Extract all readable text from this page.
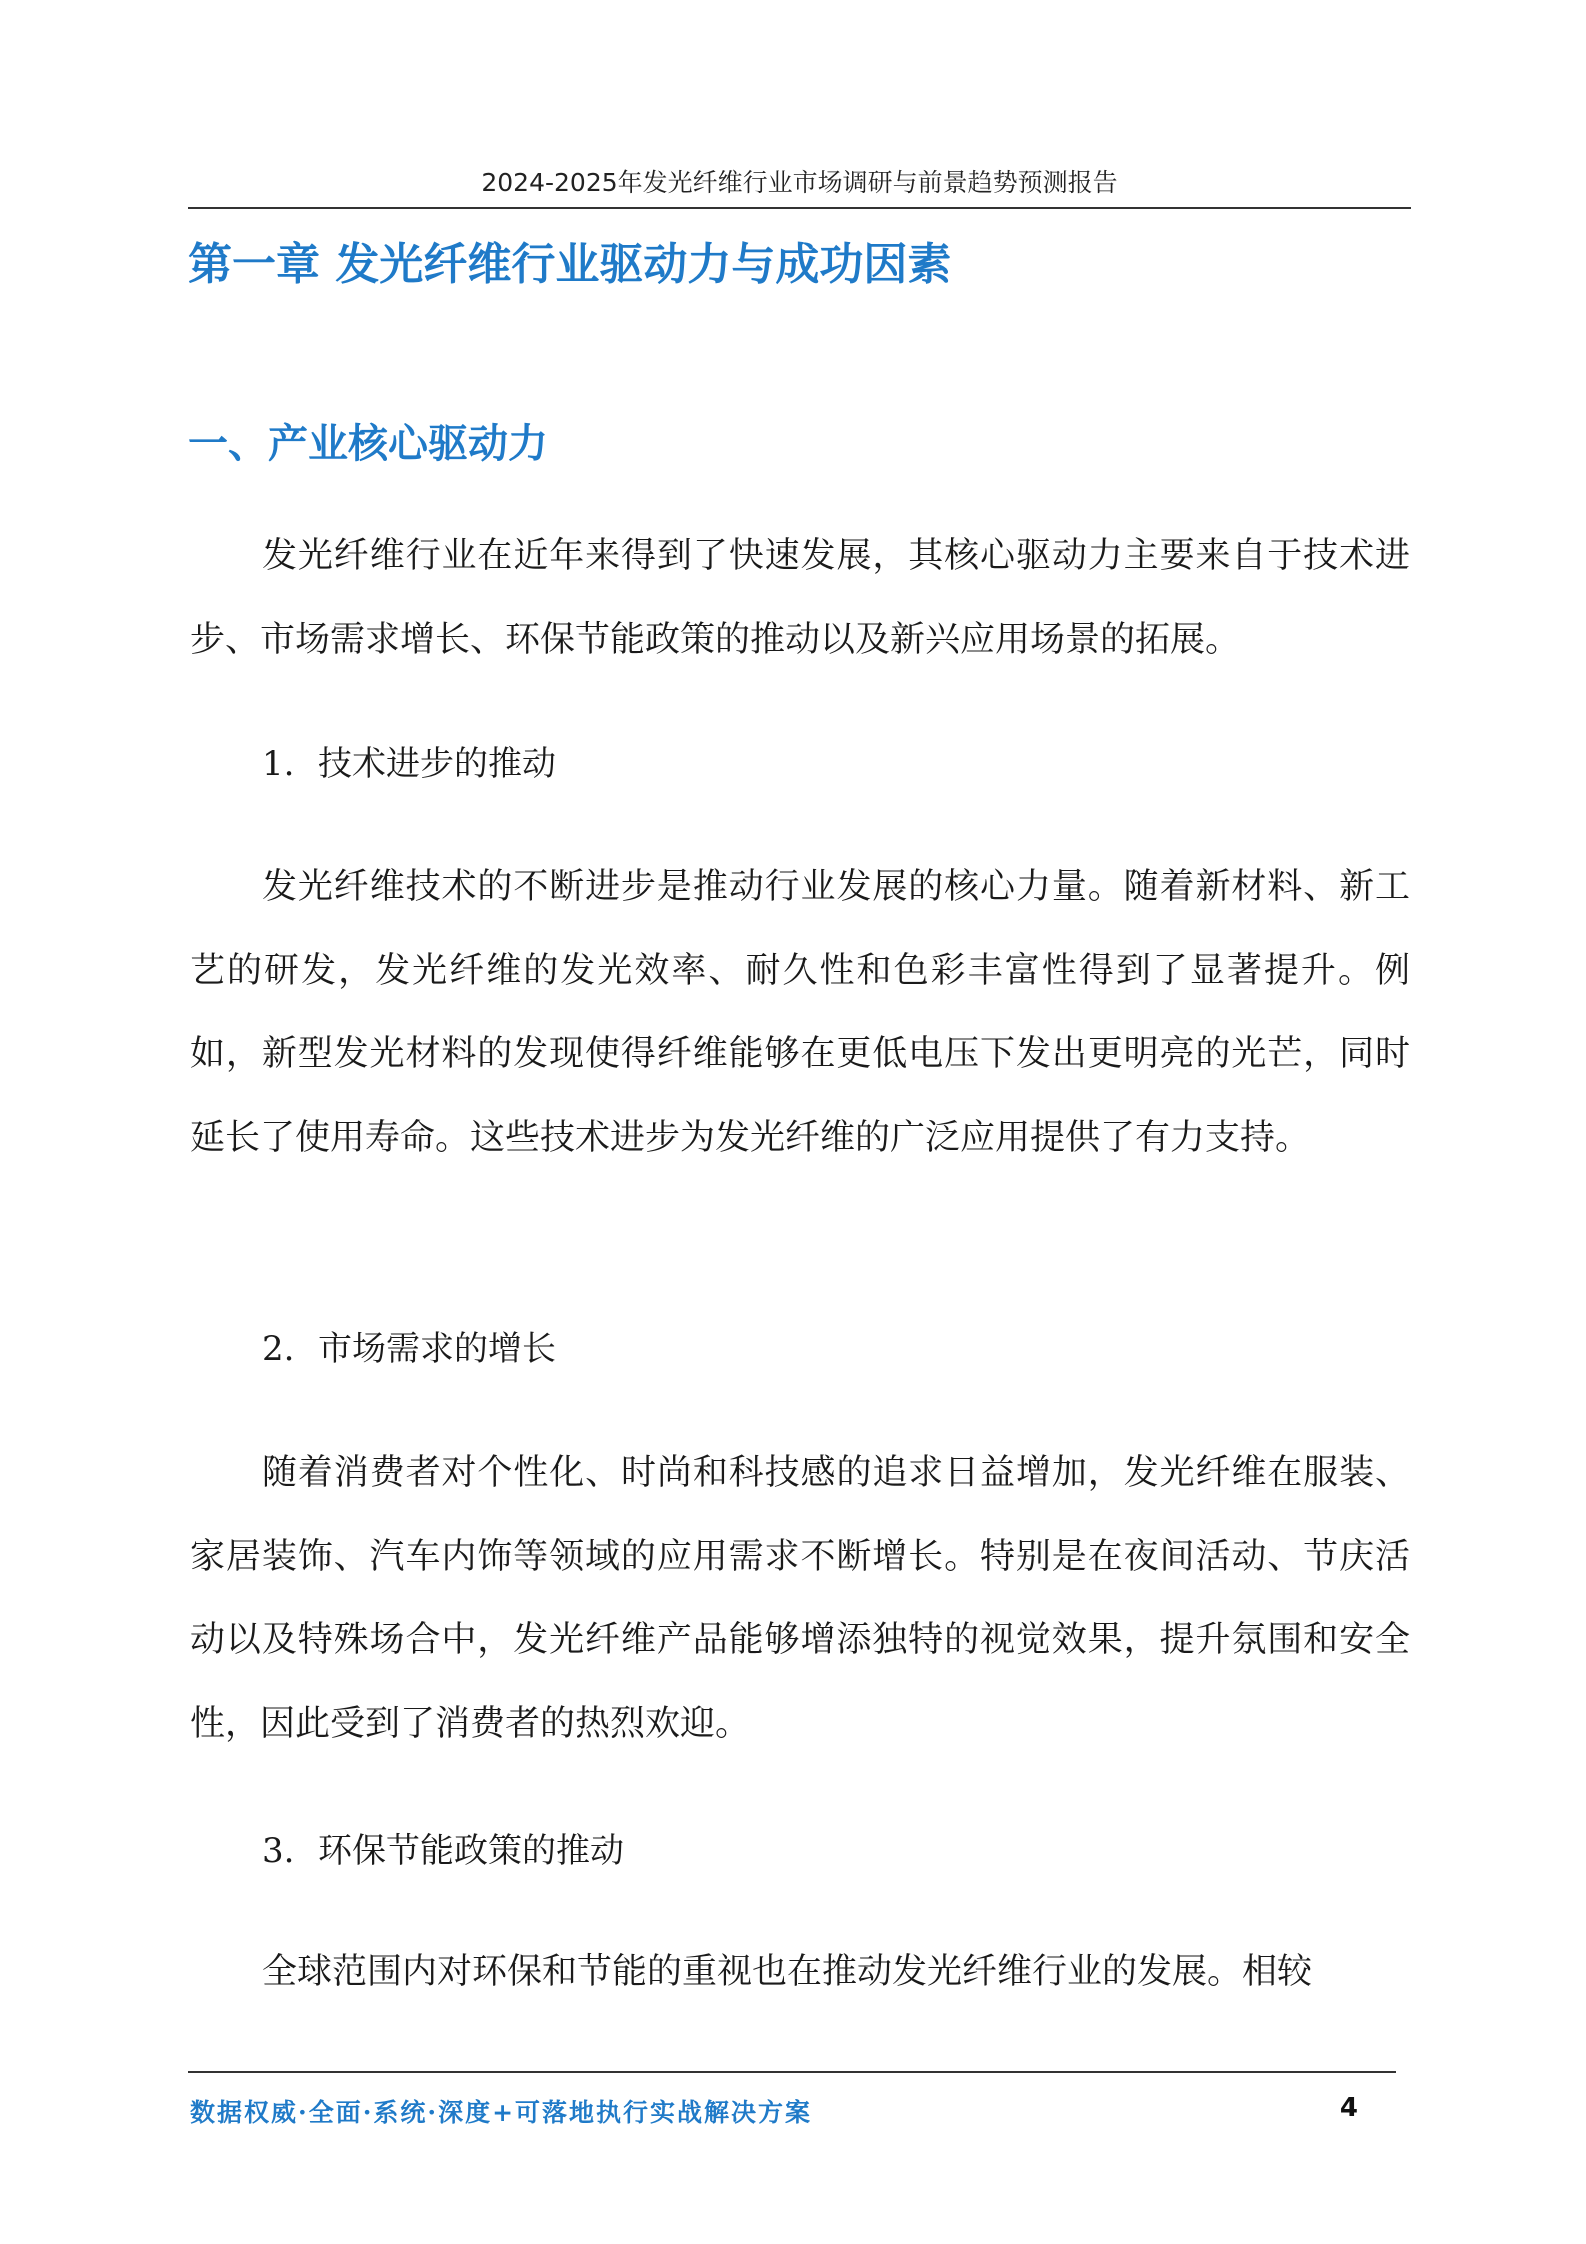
2024-2025年发光纤维行业市场调研与前景趋势预测报告
第一章 发光纤维行业驱动力与成功因素
一、产业核心驱动力

发光纤维行业在近年来得到了快速发展，其核心驱动力主要来自于技术进步、市场需求增长、环保节能政策的推动以及新兴应用场景的拓展。

1. 技术进步的推动

发光纤维技术的不断进步是推动行业发展的核心力量。随着新材料、新工艺的研发，发光纤维的发光效率、耐久性和色彩丰富性得到了显著提升。例如，新型发光材料的发现使得纤维能够在更低电压下发出更明亮的光芒，同时延长了使用寿命。这些技术进步为发光纤维的广泛应用提供了有力支持。

2. 市场需求的增长

随着消费者对个性化、时尚和科技感的追求日益增加，发光纤维在服装、家居装饰、汽车内饰等领域的应用需求不断增长。特别是在夜间活动、节庆活动以及特殊场合中，发光纤维产品能够增添独特的视觉效果，提升氛围和安全性，因此受到了消费者的热烈欢迎。

3. 环保节能政策的推动

全球范围内对环保和节能的重视也在推动发光纤维行业的发展。相较

数据权威·全面·系统·深度+可落地执行实战解决方案	4
